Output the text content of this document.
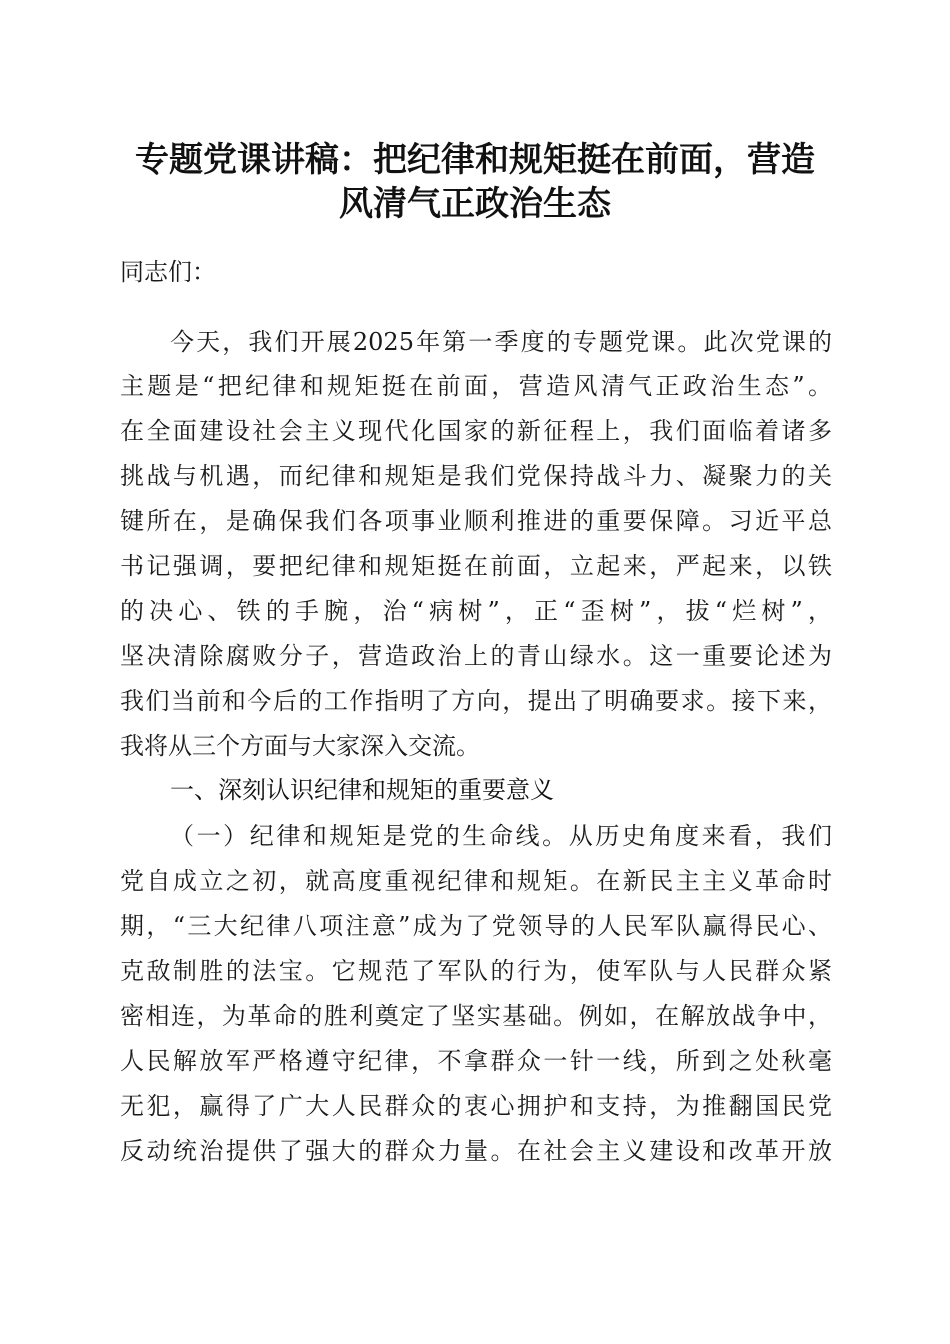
专题党课讲稿：把纪律和规矩挺在前面，营造
风清气正政治生态
同志们：
今天，我们开展2025年第一季度的专题党课。此次党课的
主题是“把纪律和规矩挺在前面，营造风清气正政治生态”。
在全面建设社会主义现代化国家的新征程上，我们面临着诸多
挑战与机遇，而纪律和规矩是我们党保持战斗力、凝聚力的关
键所在，是确保我们各项事业顺利推进的重要保障。习近平总
书记强调，要把纪律和规矩挺在前面，立起来，严起来，以铁
的决心、铁的手腕，治“病树”，正“歪树”，拔“烂树”，
坚决清除腐败分子，营造政治上的青山绿水。这一重要论述为
我们当前和今后的工作指明了方向，提出了明确要求。接下来，
我将从三个方面与大家深入交流。
一、深刻认识纪律和规矩的重要意义
（一）纪律和规矩是党的生命线。从历史角度来看，我们
党自成立之初，就高度重视纪律和规矩。在新民主主义革命时
期，“三大纪律八项注意”成为了党领导的人民军队赢得民心、
克敌制胜的法宝。它规范了军队的行为，使军队与人民群众紧
密相连，为革命的胜利奠定了坚实基础。例如，在解放战争中，
人民解放军严格遵守纪律，不拿群众一针一线，所到之处秋毫
无犯，赢得了广大人民群众的衷心拥护和支持，为推翻国民党
反动统治提供了强大的群众力量。在社会主义建设和改革开放
